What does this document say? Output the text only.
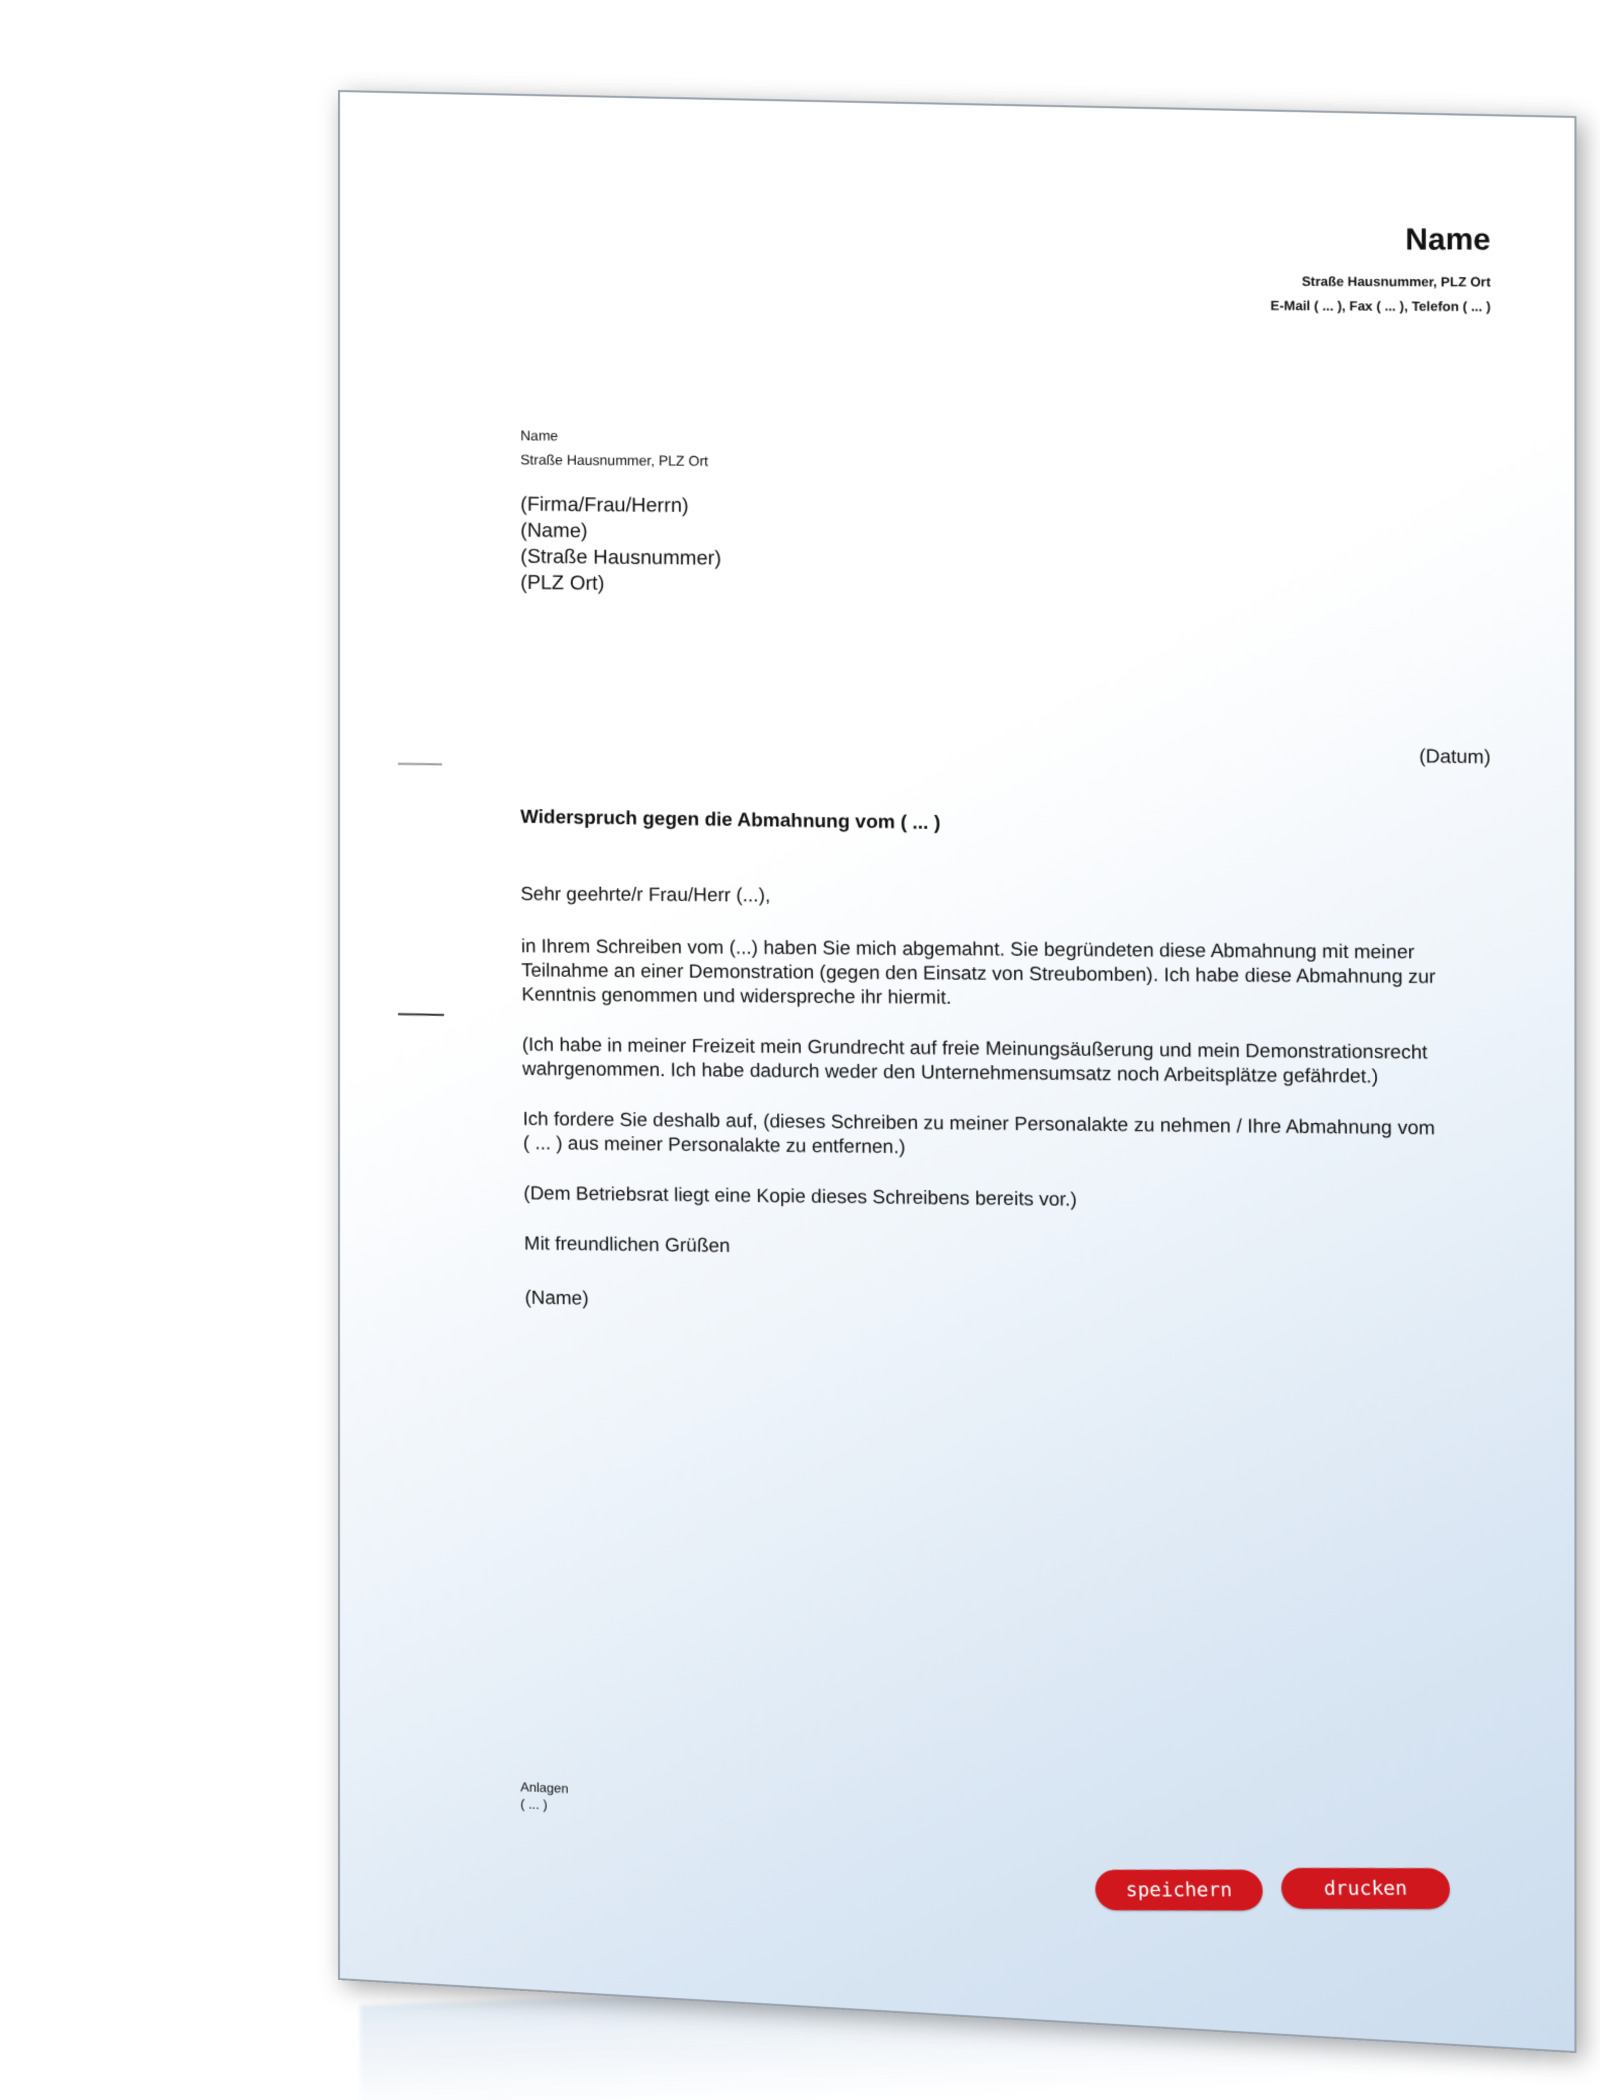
Name
Straße Hausnummer, PLZ Ort
E-Mail ( ... ), Fax ( ... ), Telefon ( ... )
Name
Straße Hausnummer, PLZ Ort
(Firma/Frau/Herrn)
(Name)
(Straße Hausnummer)
(PLZ Ort)
(Datum)
Widerspruch gegen die Abmahnung vom ( ... )

Sehr geehrte/r Frau/Herr (...),

in Ihrem Schreiben vom (...) haben Sie mich abgemahnt. Sie begründeten diese Abmahnung mit meiner Teilnahme an einer Demonstration (gegen den Einsatz von Streubomben). Ich habe diese Abmahnung zur Kenntnis genommen und widerspreche ihr hiermit.

(Ich habe in meiner Freizeit mein Grundrecht auf freie Meinungsäußerung und mein Demonstrationsrecht wahrgenommen. Ich habe dadurch weder den Unternehmensumsatz noch Arbeitsplätze gefährdet.)

Ich fordere Sie deshalb auf, (dieses Schreiben zu meiner Personalakte zu nehmen / Ihre Abmahnung vom ( ... ) aus meiner Personalakte zu entfernen.)

(Dem Betriebsrat liegt eine Kopie dieses Schreibens bereits vor.)

Mit freundlichen Grüßen

(Name)

Anlagen
( ... )
speichern	drucken
